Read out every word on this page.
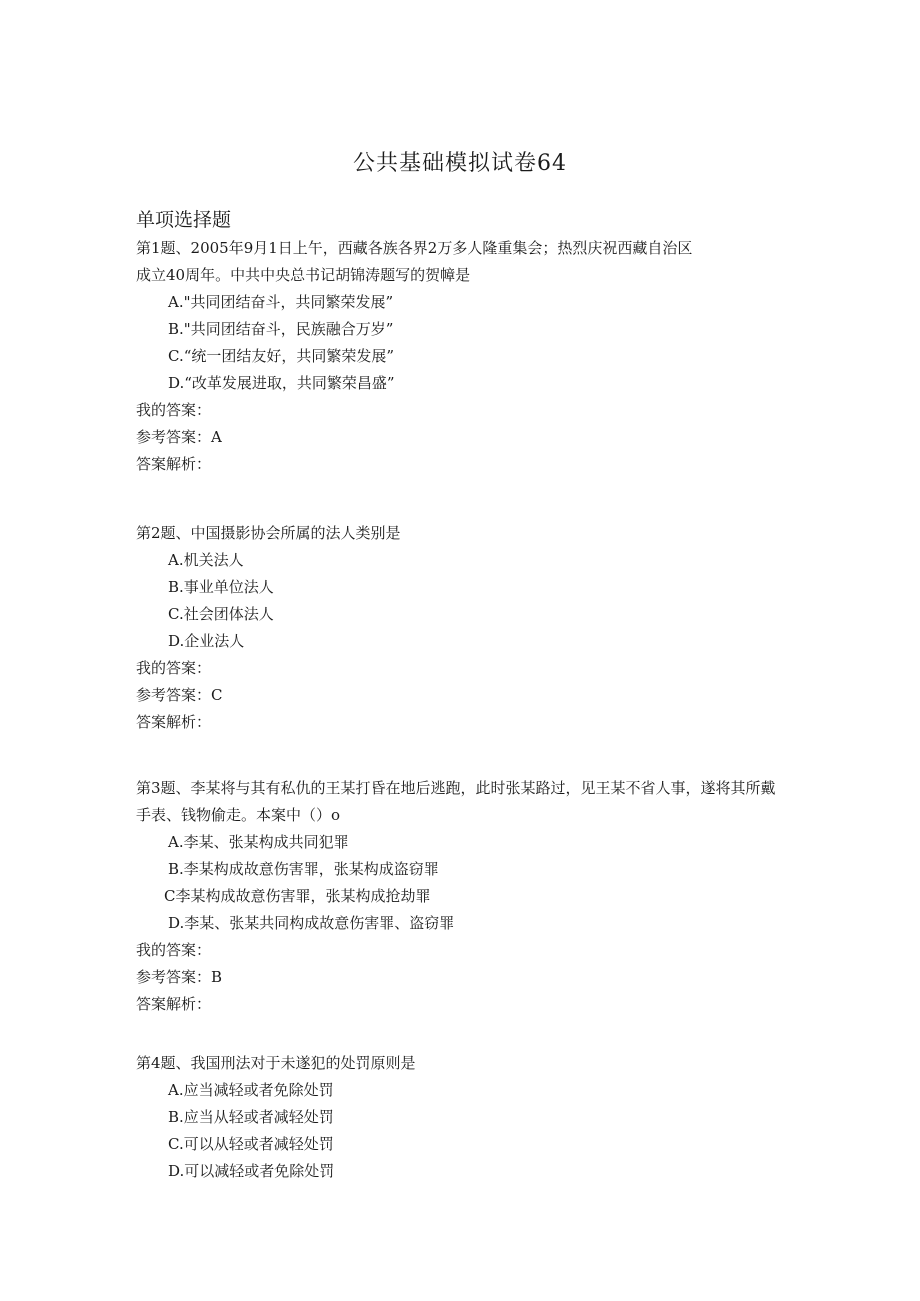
公共基础模拟试卷64
单项选择题
第1题、2005年9月1日上午，西藏各族各界2万多人隆重集会；热烈庆祝西藏自治区成立40周年。中共中央总书记胡锦涛题写的贺幛是
A."共同团结奋斗，共同繁荣发展”
B."共同团结奋斗，民族融合万岁”
C.“统一团结友好，共同繁荣发展”
D.“改革发展进取，共同繁荣昌盛”
我的答案：
参考答案：A
答案解析：
第2题、中国摄影协会所属的法人类别是
A.机关法人
B.事业单位法人
C.社会团体法人
D.企业法人
我的答案：
参考答案：C
答案解析：
第3题、李某将与其有私仇的王某打昏在地后逃跑，此时张某路过，见王某不省人事，遂将其所戴手表、钱物偷走。本案中（）o
A.李某、张某构成共同犯罪
B.李某构成故意伤害罪，张某构成盗窃罪
C李某构成故意伤害罪，张某构成抢劫罪
D.李某、张某共同构成故意伤害罪、盗窃罪
我的答案：
参考答案：B
答案解析：
第4题、我国刑法对于未遂犯的处罚原则是
A.应当减轻或者免除处罚
B.应当从轻或者减轻处罚
C.可以从轻或者减轻处罚
D.可以减轻或者免除处罚
